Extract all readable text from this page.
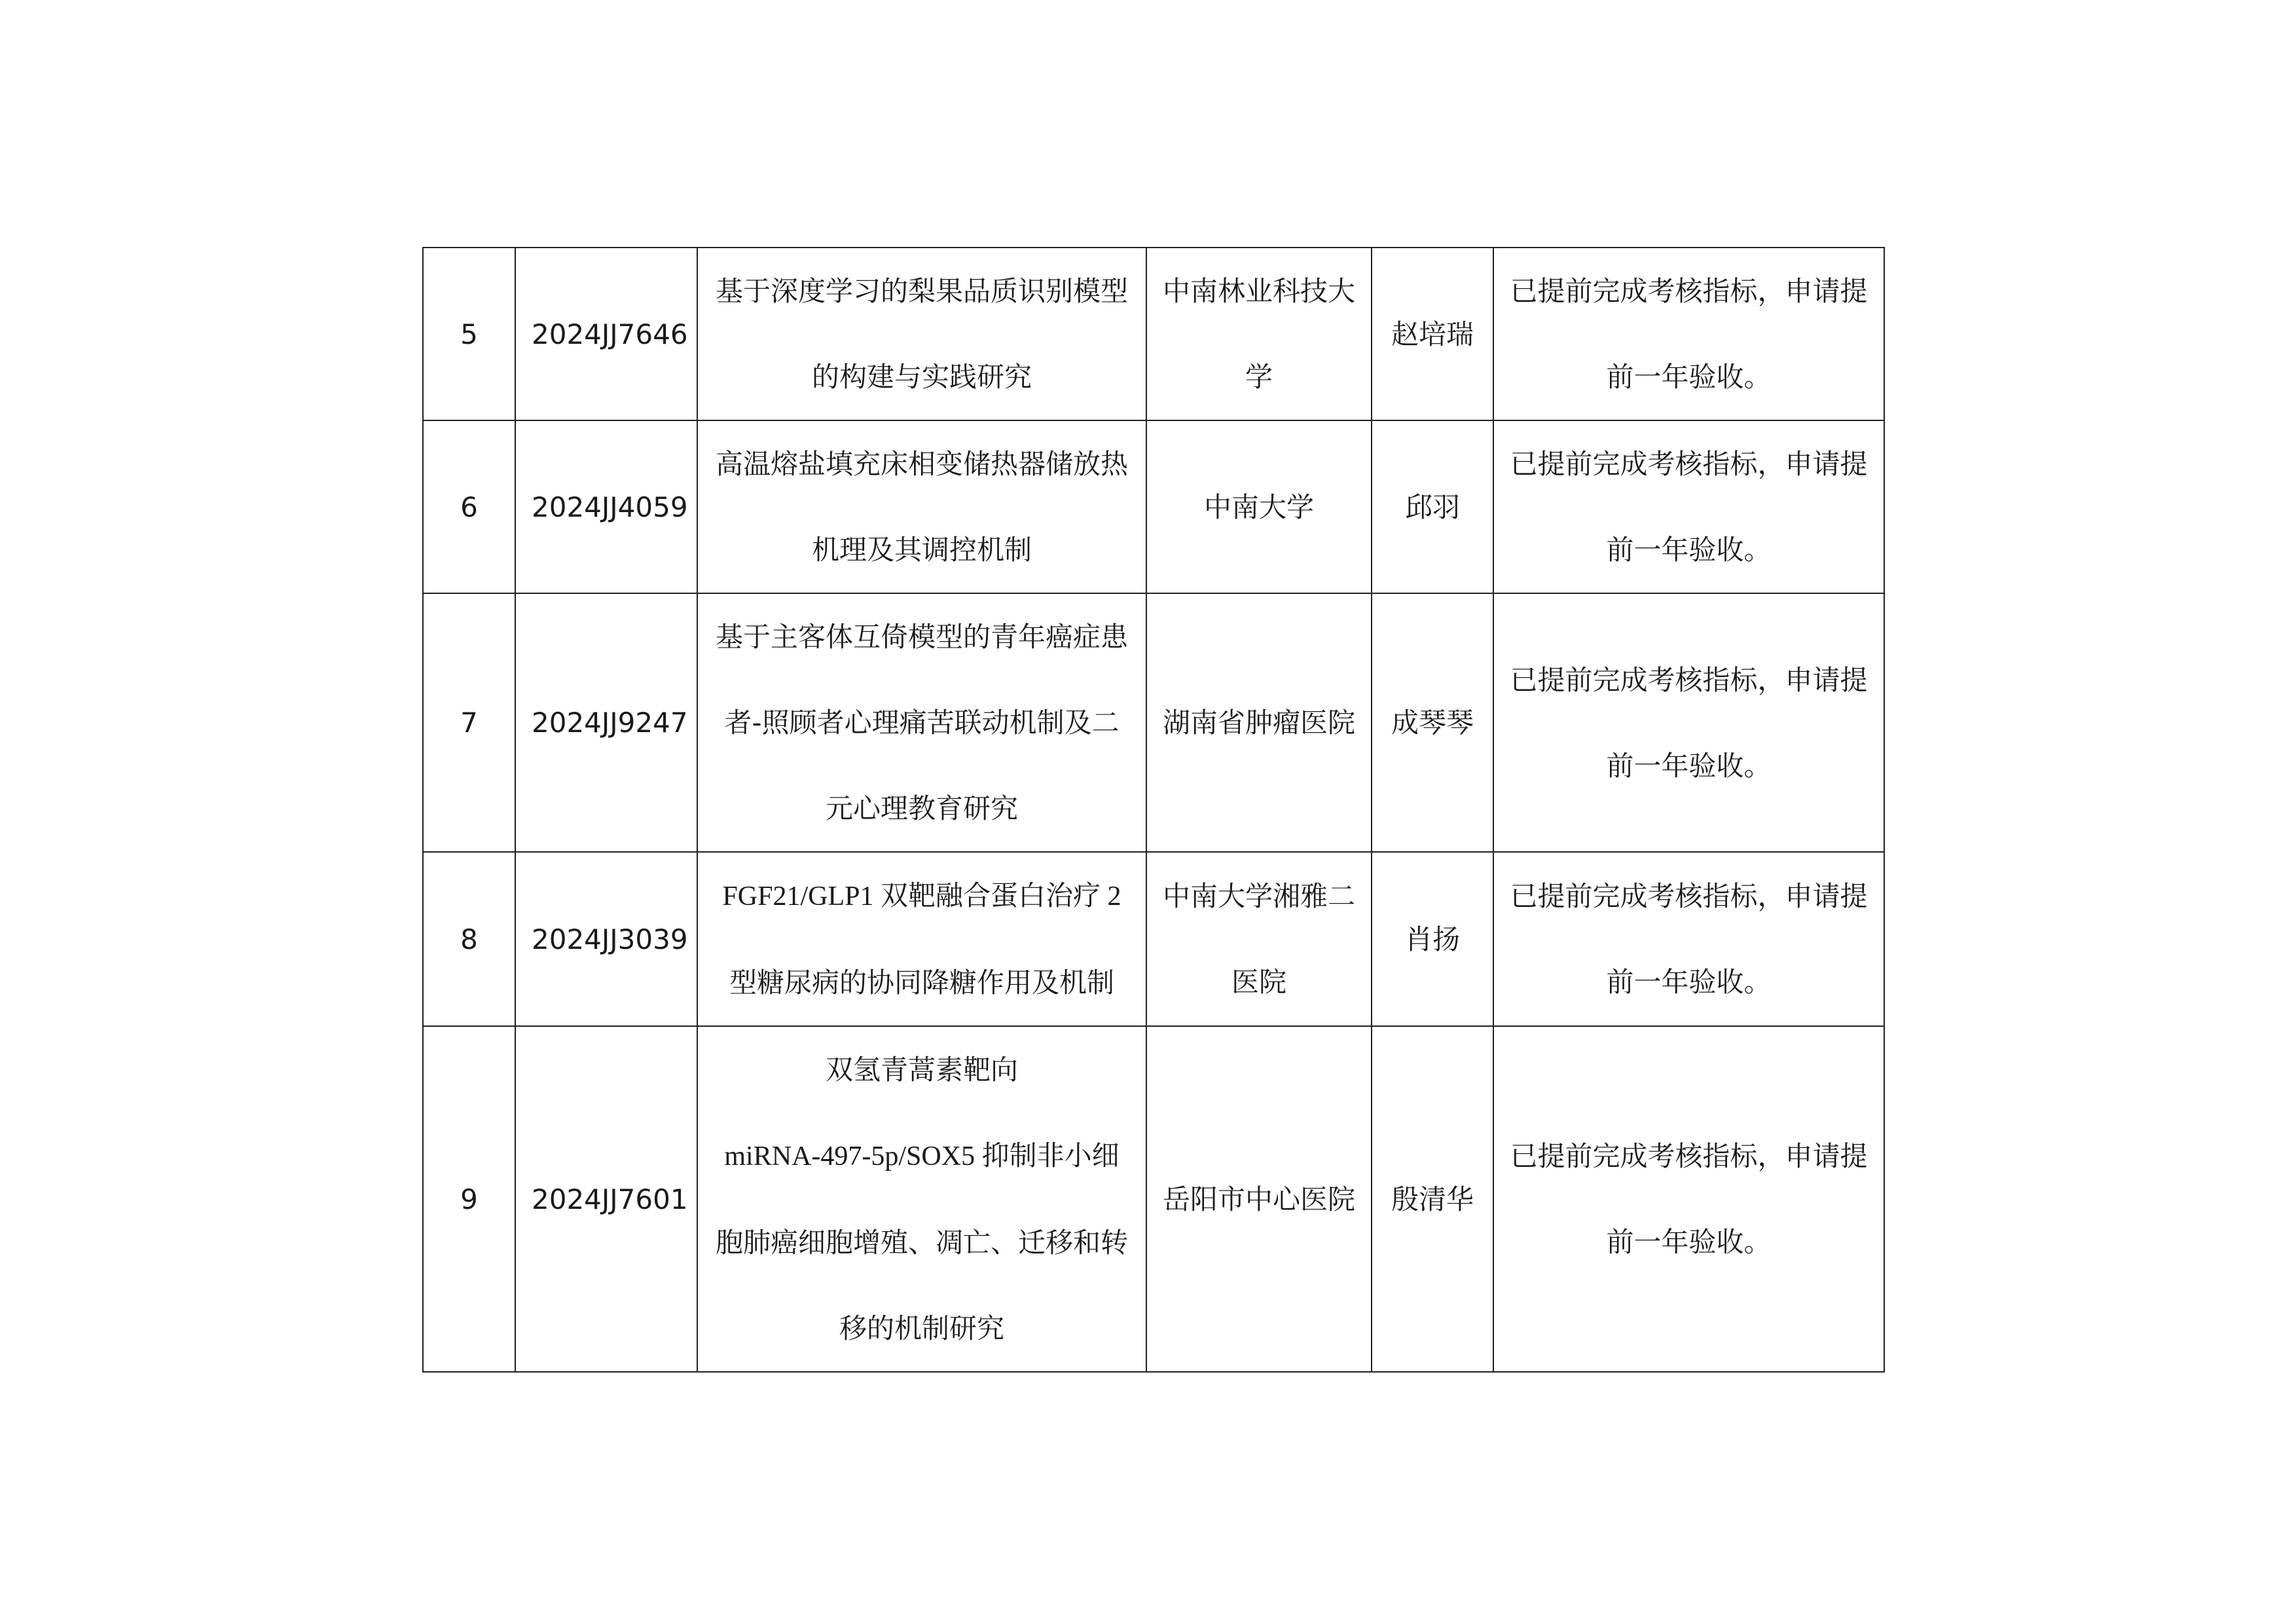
5	2024JJ7646	基于深度学习的梨果品质识别模型
的构建与实践研究	中南林业科技大
学	赵培瑞	已提前完成考核指标，申请提
前一年验收。

6	2024JJ4059	高温熔盐填充床相变储热器储放热
机理及其调控机制	中南大学	邱羽	已提前完成考核指标，申请提
前一年验收。

7	2024JJ9247	基于主客体互倚模型的青年癌症患
者-照顾者心理痛苦联动机制及二
元心理教育研究	湖南省肿瘤医院	成琴琴	已提前完成考核指标，申请提
前一年验收。

8	2024JJ3039	FGF21/GLP1 双靶融合蛋白治疗 2
型糖尿病的协同降糖作用及机制	中南大学湘雅二
医院	肖扬	已提前完成考核指标，申请提
前一年验收。

9	2024JJ7601	双氢青蒿素靶向
miRNA-497-5p/SOX5 抑制非小细
胞肺癌细胞增殖、凋亡、迁移和转
移的机制研究	岳阳市中心医院	殷清华	已提前完成考核指标，申请提
前一年验收。
